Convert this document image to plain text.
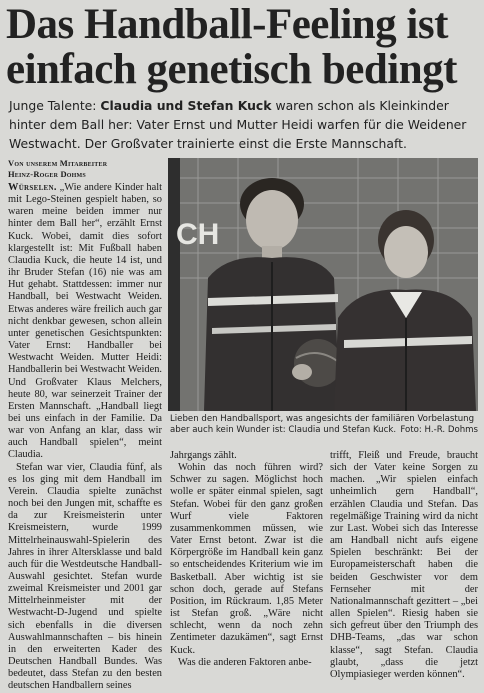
Das Handball-Feeling ist
einfach genetisch bedingt
Junge Talente: Claudia und Stefan Kuck waren schon als Kleinkinder hinter dem Ball her: Vater Ernst und Mutter Heidi warfen für die Weidener Westwacht. Der Großvater trainierte einst die Erste Mannschaft.
Von unserem Mitarbeiter
Heinz-Roger Dohms

Würselen. „Wie andere Kinder halt mit Lego-Steinen gespielt haben, so waren meine beiden immer nur hinter dem Ball her“, erzählt Ernst Kuck. Wobei, damit dies sofort klargestellt ist: Mit Fußball haben Claudia Kuck, die heute 14 ist, und ihr Bruder Stefan (16) nie was am Hut gehabt. Stattdessen: immer nur Handball, bei Westwacht Weiden. Etwas anderes wäre freilich auch gar nicht denkbar gewesen, schon allein unter genetischen Gesichtspunkten: Vater Ernst: Handballer bei Westwacht Weiden. Mutter Heidi: Handballerin bei Westwacht Weiden. Und Großvater Klaus Melchers, heute 80, war seinerzeit Trainer der Ersten Mannschaft. „Handball liegt bei uns einfach in der Familie. Da war von Anfang an klar, dass wir auch Handball spielen“, meint Claudia.

Stefan war vier, Claudia fünf, als es los ging mit dem Handball im Verein. Claudia spielte zunächst noch bei den Jungen mit, schaffte es da zur Kreismeisterin unter Kreismeistern, wurde 1999 Mittelrheinauswahl-Spielerin des Jahres in ihrer Altersklasse und bald auch für die Westdeutsche Handball-Auswahl gesichtet. Stefan wurde zweimal Kreismeister und 2001 gar Mittelrheinmeister mit der Westwacht-D-Jugend und spielte sich ebenfalls in die diversen Auswahlmannschaften – bis hinein in den erweiterten Kader des Deutschen Handball Bundes. Was bedeutet, dass Stefan zu den besten deutschen Handballern seines

CH
Lieben den Handballsport, was angesichts der familiären Vorbelastung aber auch kein Wunder ist: Claudia und Stefan Kuck. Foto: H.-R. Dohms

Jahrgangs zählt.

Wohin das noch führen wird? Schwer zu sagen. Möglichst hoch wolle er später einmal spielen, sagt Stefan. Wobei für den ganz großen Wurf viele Faktoren zusammenkommen müssen, wie Vater Ernst betont. Zwar ist die Körpergröße im Handball kein ganz so entscheidendes Kriterium wie im Basketball. Aber wichtig ist sie schon doch, gerade auf Stefans Position, im Rückraum. 1,85 Meter ist Stefan groß. „Wäre nicht schlecht, wenn da noch zehn Zentimeter dazukämen“, sagt Ernst Kuck.

Was die anderen Faktoren anbe-

trifft, Fleiß und Freude, braucht sich der Vater keine Sorgen zu machen. „Wir spielen einfach unheimlich gern Handball“, erzählen Claudia und Stefan. Das regelmäßige Training wird da nicht zur Last. Wobei sich das Interesse am Handball nicht aufs eigene Spielen beschränkt: Bei der Europameisterschaft haben die beiden Geschwister vor dem Fernseher mit der Nationalmannschaft gezittert – „bei allen Spielen“. Riesig haben sie sich gefreut über den Triumph des DHB-Teams, „das war schon klasse“, sagt Stefan. Claudia glaubt, „dass die jetzt Olympiasieger werden können“.
